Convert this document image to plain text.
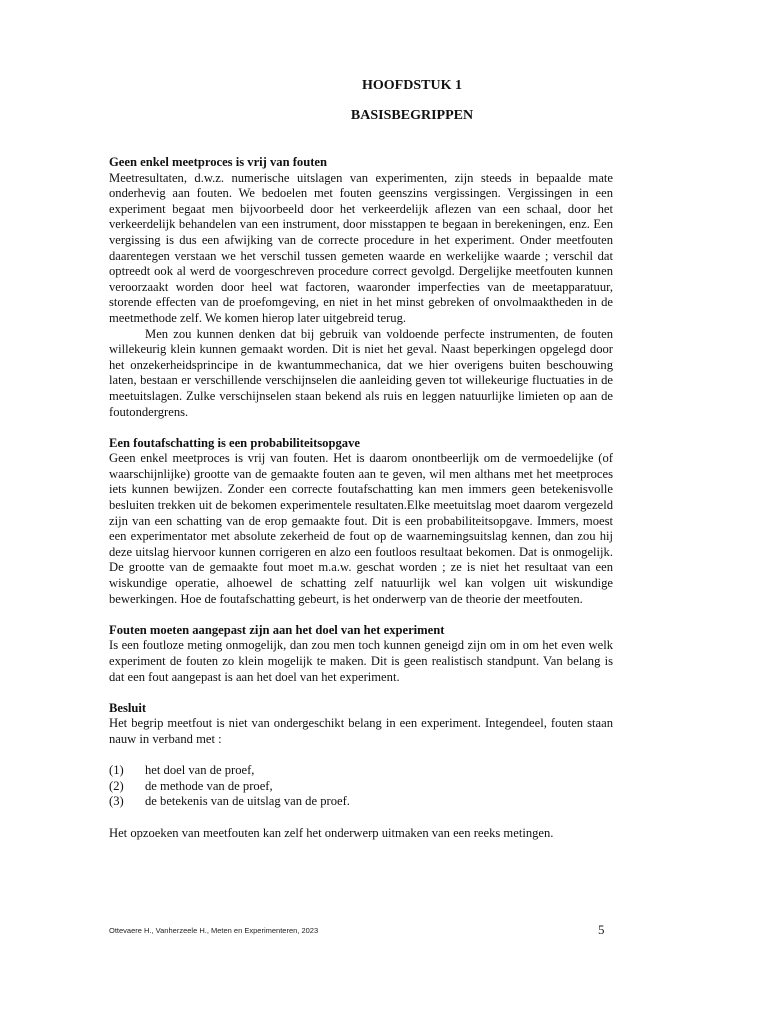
HOOFDSTUK 1
BASISBEGRIPPEN

Geen enkel meetproces is vrij van fouten

Meetresultaten, d.w.z. numerische uitslagen van experimenten, zijn steeds in bepaalde mate onderhevig aan fouten. We bedoelen met fouten geenszins vergissingen. Vergissingen in een experiment begaat men bijvoorbeeld door het verkeerdelijk aflezen van een schaal, door het verkeerdelijk behandelen van een instrument, door misstappen te begaan in berekeningen, enz. Een vergissing is dus een afwijking van de correcte procedure in het experiment. Onder meetfouten daarentegen verstaan we het verschil tussen gemeten waarde en werkelijke waarde ; verschil dat optreedt ook al werd de voorgeschreven procedure correct gevolgd. Dergelijke meetfouten kunnen veroorzaakt worden door heel wat factoren, waaronder imperfecties van de meetapparatuur, storende effecten van de proefomgeving, en niet in het minst gebreken of onvolmaaktheden in de meetmethode zelf. We komen hierop later uitgebreid terug.

Men zou kunnen denken dat bij gebruik van voldoende perfecte instrumenten, de fouten willekeurig klein kunnen gemaakt worden. Dit is niet het geval. Naast beperkingen opgelegd door het onzekerheidsprincipe in de kwantummechanica, dat we hier overigens buiten beschouwing laten, bestaan er verschillende verschijnselen die aanleiding geven tot willekeurige fluctuaties in de meetuitslagen. Zulke verschijnselen staan bekend als ruis en leggen natuurlijke limieten op aan de foutondergrens.

Een foutafschatting is een probabiliteitsopgave

Geen enkel meetproces is vrij van fouten. Het is daarom onontbeerlijk om de vermoedelijke (of waarschijnlijke) grootte van de gemaakte fouten aan te geven, wil men althans met het meetproces iets kunnen bewijzen. Zonder een correcte foutafschatting kan men immers geen betekenisvolle besluiten trekken uit de bekomen experimentele resultaten.Elke meetuitslag moet daarom vergezeld zijn van een schatting van de erop gemaakte fout. Dit is een probabiliteitsopgave. Immers, moest een experimentator met absolute zekerheid de fout op de waarnemingsuitslag kennen, dan zou hij deze uitslag hiervoor kunnen corrigeren en alzo een foutloos resultaat bekomen. Dat is onmogelijk. De grootte van de gemaakte fout moet m.a.w. geschat worden ; ze is niet het resultaat van een wiskundige operatie, alhoewel de schatting zelf natuurlijk wel kan volgen uit wiskundige bewerkingen. Hoe de foutafschatting gebeurt, is het onderwerp van de theorie der meetfouten.

Fouten moeten aangepast zijn aan het doel van het experiment

Is een foutloze meting onmogelijk, dan zou men toch kunnen geneigd zijn om in om het even welk experiment de fouten zo klein mogelijk te maken. Dit is geen realistisch standpunt. Van belang is dat een fout aangepast is aan het doel van het experiment.

Besluit

Het begrip meetfout is niet van ondergeschikt belang in een experiment. Integendeel, fouten staan nauw in verband met :

(1)	het doel van de proef,
(2)	de methode van de proef,
(3)	de betekenis van de uitslag van de proef.

Het opzoeken van meetfouten kan zelf het onderwerp uitmaken van een reeks metingen.

Ottevaere H., Vanherzeele H., Meten en Experimenteren, 2023	5
